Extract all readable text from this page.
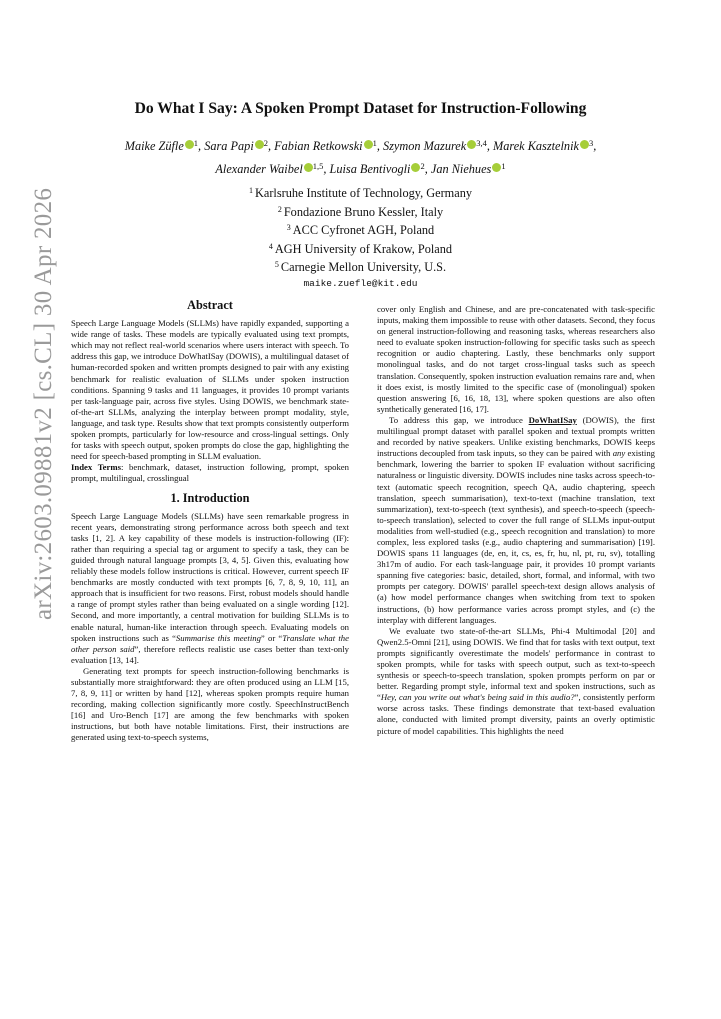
arXiv:2603.09881v2 [cs.CL] 30 Apr 2026
Do What I Say: A Spoken Prompt Dataset for Instruction-Following
Maike Züfle $^1$, Sara Papi $^2$, Fabian Retkowski $^1$, Szymon Mazurek $^{3,4}$, Marek Kasztelnik $^3$,
Alexander Waibel $^{1,5}$, Luisa Bentivogli $^2$, Jan Niehues $^1$
$^1$ Karlsruhe Institute of Technology, Germany
$^2$ Fondazione Bruno Kessler, Italy
$^3$ ACC Cyfronet AGH, Poland
$^4$ AGH University of Krakow, Poland
$^5$ Carnegie Mellon University, U.S.
maike.zuefle@kit.edu
Abstract

Speech Large Language Models (SLLMs) have rapidly expanded, supporting a wide range of tasks. These models are typically evaluated using text prompts, which may not reflect real-world scenarios where users interact with speech. To address this gap, we introduce DoWhatISay (DOWIS), a multilingual dataset of human-recorded spoken and written prompts designed to pair with any existing benchmark for realistic evaluation of SLLMs under spoken instruction conditions. Spanning 9 tasks and 11 languages, it provides 10 prompt variants per task-language pair, across five styles. Using DOWIS, we benchmark state-of-the-art SLLMs, analyzing the interplay between prompt modality, style, language, and task type. Results show that text prompts consistently outperform spoken prompts, particularly for low-resource and cross-lingual settings. Only for tasks with speech output, spoken prompts do close the gap, highlighting the need for speech-based prompting in SLLM evaluation.

Index Terms: benchmark, dataset, instruction following, prompt, spoken prompt, multilingual, crosslingual

1. Introduction

Speech Large Language Models (SLLMs) have seen remarkable progress in recent years, demonstrating strong performance across both speech and text tasks [1, 2]. A key capability of these models is instruction-following (IF): rather than requiring a special tag or argument to specify a task, they can be guided through natural language prompts [3, 4, 5]. Given this, evaluating how reliably these models follow instructions is critical. However, current speech IF benchmarks are mostly conducted with text prompts [6, 7, 8, 9, 10, 11], an approach that is insufficient for two reasons. First, robust models should handle a range of prompt styles rather than being evaluated on a single wording [12]. Second, and more importantly, a central motivation for building SLLMs is to enable natural, human-like interaction through speech. Evaluating models on spoken instructions such as “Summarise this meeting” or “Translate what the other person said”, therefore reflects realistic use cases better than text-only evaluation [13, 14].

Generating text prompts for speech instruction-following benchmarks is substantially more straightforward: they are often produced using an LLM [15, 7, 8, 9, 11] or written by hand [12], whereas spoken prompts require human recording, making collection significantly more costly. SpeechInstructBench [16] and Uro-Bench [17] are among the few benchmarks with spoken instructions, but both have notable limitations. First, their instructions are generated using text-to-speech systems,

cover only English and Chinese, and are pre-concatenated with task-specific inputs, making them impossible to reuse with other datasets. Second, they focus on general instruction-following and reasoning tasks, whereas researchers also need to evaluate spoken instruction-following for specific tasks such as speech recognition or audio chaptering. Lastly, these benchmarks only support monolingual tasks, and do not target cross-lingual tasks such as speech translation. Consequently, spoken instruction evaluation remains rare and, when it does exist, is mostly limited to the specific case of (monolingual) spoken question answering [6, 16, 18, 13], where spoken questions are also often synthetically generated [16, 17].

To address this gap, we introduce DoWhatISay (DOWIS), the first multilingual prompt dataset with parallel spoken and textual prompts written and recorded by native speakers. Unlike existing benchmarks, DOWIS keeps instructions decoupled from task inputs, so they can be paired with any existing benchmark, lowering the barrier to spoken IF evaluation without sacrificing naturalness or linguistic diversity. DOWIS includes nine tasks across speech-to-text (automatic speech recognition, speech QA, audio chaptering, speech translation, speech summarisation), text-to-text (machine translation, text summarization), text-to-speech (text synthesis), and speech-to-speech (speech-to-speech translation), selected to cover the full range of SLLMs input-output modalities from well-studied (e.g., speech recognition and translation) to more complex, less explored tasks (e.g., audio chaptering and summarisation) [19]. DOWIS spans 11 languages (de, en, it, cs, es, fr, hu, nl, pt, ru, sv), totalling 3h17m of audio. For each task-language pair, it provides 10 prompt variants spanning five categories: basic, detailed, short, formal, and informal, with two prompts per category. DOWIS' parallel speech-text design allows analysis of (a) how model performance changes when switching from text to spoken instructions, (b) how performance varies across prompt styles, and (c) the interplay with different languages.

We evaluate two state-of-the-art SLLMs, Phi-4 Multimodal [20] and Qwen2.5-Omni [21], using DOWIS. We find that for tasks with text output, text prompts significantly overestimate the models' performance in contrast to spoken prompts, while for tasks with speech output, such as text-to-speech synthesis or speech-to-speech translation, spoken prompts perform on par or better. Regarding prompt style, informal text and spoken instructions, such as “Hey, can you write out what's being said in this audio?”, consistently perform worse across tasks. These findings demonstrate that text-based evaluation alone, conducted with limited prompt diversity, paints an overly optimistic picture of model capabilities. This highlights the need
